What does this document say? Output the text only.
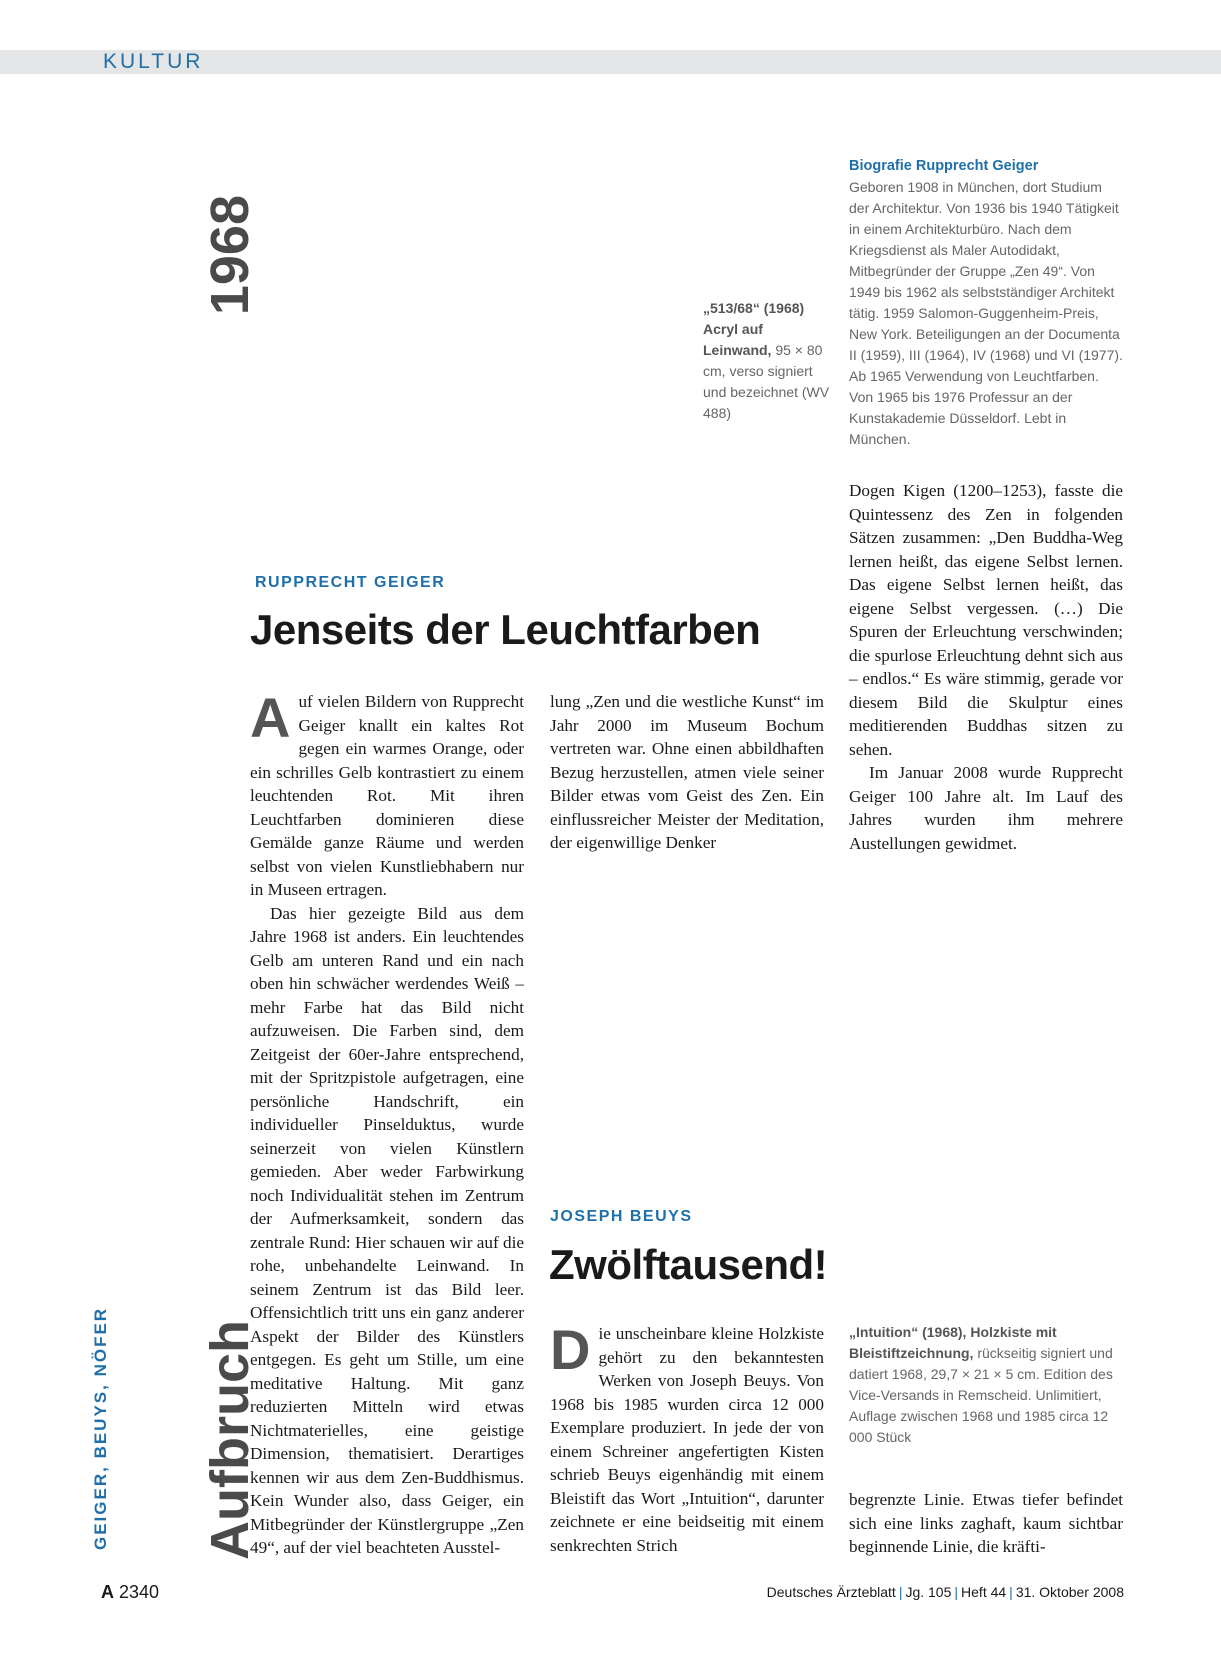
KULTUR
Aufbruch 1968
GEIGER, BEUYS, NÖFER
Biografie Rupprecht Geiger
Geboren 1908 in München, dort Studium der Architektur. Von 1936 bis 1940 Tätigkeit in einem Architekturbüro. Nach dem Kriegsdienst als Maler Autodidakt, Mitbegründer der Gruppe „Zen 49“. Von 1949 bis 1962 als selbstständiger Architekt tätig. 1959 Salomon-Guggenheim-Preis, New York. Beteiligungen an der Documenta II (1959), III (1964), IV (1968) und VI (1977). Ab 1965 Verwendung von Leuchtfarben. Von 1965 bis 1976 Professur an der Kunstakademie Düsseldorf. Lebt in München.
„513/68“ (1968) Acryl auf Leinwand, 95 × 80 cm, verso signiert und bezeichnet (WV 488)
RUPPRECHT GEIGER
Jenseits der Leuchtfarben

Auf vielen Bildern von Rupprecht Geiger knallt ein kaltes Rot gegen ein warmes Orange, oder ein schrilles Gelb kontrastiert zu einem leuchtenden Rot. Mit ihren Leuchtfarben dominieren diese Gemälde ganze Räume und werden selbst von vielen Kunstliebhabern nur in Museen ertragen.

Das hier gezeigte Bild aus dem Jahre 1968 ist anders. Ein leuchtendes Gelb am unteren Rand und ein nach oben hin schwächer werdendes Weiß – mehr Farbe hat das Bild nicht aufzuweisen. Die Farben sind, dem Zeitgeist der 60er-Jahre entsprechend, mit der Spritzpistole aufgetragen, eine persönliche Handschrift, ein individueller Pinselduktus, wurde seinerzeit von vielen Künstlern gemieden. Aber weder Farbwirkung noch Individualität stehen im Zentrum der Aufmerksamkeit, sondern das zentrale Rund: Hier schauen wir auf die rohe, unbehandelte Leinwand. In seinem Zentrum ist das Bild leer. Offensichtlich tritt uns ein ganz anderer Aspekt der Bilder des Künstlers entgegen. Es geht um Stille, um eine meditative Haltung. Mit ganz reduzierten Mitteln wird etwas Nichtmaterielles, eine geistige Dimension, thematisiert. Derartiges kennen wir aus dem Zen-Buddhismus. Kein Wunder also, dass Geiger, ein Mitbegründer der Künstlergruppe „Zen 49“, auf der viel beachteten Ausstel-

lung „Zen und die westliche Kunst“ im Jahr 2000 im Museum Bochum vertreten war. Ohne einen abbildhaften Bezug herzustellen, atmen viele seiner Bilder etwas vom Geist des Zen. Ein einflussreicher Meister der Meditation, der eigenwillige Denker

Dogen Kigen (1200–1253), fasste die Quintessenz des Zen in folgenden Sätzen zusammen: „Den Buddha-Weg lernen heißt, das eigene Selbst lernen. Das eigene Selbst lernen heißt, das eigene Selbst vergessen. (…) Die Spuren der Erleuchtung verschwinden; die spurlose Erleuchtung dehnt sich aus – endlos.“ Es wäre stimmig, gerade vor diesem Bild die Skulptur eines meditierenden Buddhas sitzen zu sehen.

Im Januar 2008 wurde Rupprecht Geiger 100 Jahre alt. Im Lauf des Jahres wurden ihm mehrere Austellungen gewidmet.

JOSEPH BEUYS
Zwölftausend!

Die unscheinbare kleine Holzkiste gehört zu den bekanntesten Werken von Joseph Beuys. Von 1968 bis 1985 wurden circa 12 000 Exemplare produziert. In jede der von einem Schreiner angefertigten Kisten schrieb Beuys eigenhändig mit einem Bleistift das Wort „Intuition“, darunter zeichnete er eine beidseitig mit einem senkrechten Strich

„Intuition“ (1968), Holzkiste mit Bleistiftzeichnung, rückseitig signiert und datiert 1968, 29,7 × 21 × 5 cm. Edition des Vice-Versands in Remscheid. Unlimitiert, Auflage zwischen 1968 und 1985 circa 12 000 Stück

begrenzte Linie. Etwas tiefer befindet sich eine links zaghaft, kaum sichtbar beginnende Linie, die kräfti-

A 2340	Deutsches Ärzteblatt | Jg. 105 | Heft 44 | 31. Oktober 2008
